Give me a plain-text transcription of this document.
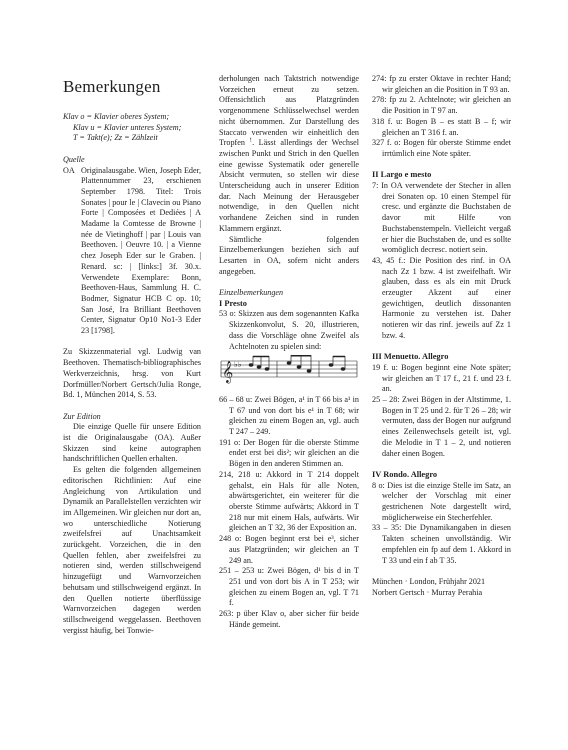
Bemerkungen

Klav o = Klavier oberes System;

Klav u = Klavier unteres System;

T = Takt(e); Zz = Zählzeit

Quelle

OA Originalausgabe. Wien, Joseph Eder, Plattennummer 23, erschienen September 1798. Titel: Trois Sonates | pour le | Clavecin ou Piano Forte | Composées et Dediées | A Madame la Comtesse de Browne | née de Vietinghoff | par | Louis van Beethoven. | Oeuvre 10. | a Vienne chez Joseph Eder sur le Graben. | Renard. sc: | [links:] 3f. 30.x. Verwendete Exemplare: Bonn, Beethoven-Haus, Sammlung H. C. Bodmer, Signatur HCB C op. 10; San José, Ira Brilliant Beethoven Center, Signatur Op10 No1-3 Eder 23 [1798].

Zu Skizzenmaterial vgl. Ludwig van Beethoven. Thematisch-bibliographisches Werkverzeichnis, hrsg. von Kurt Dorfmüller/Norbert Gertsch/Julia Ronge, Bd. 1, München 2014, S. 53.

Zur Edition

Die einzige Quelle für unsere Edition ist die Originalausgabe (OA). Außer Skizzen sind keine autographen handschriftlichen Quellen erhalten.

Es gelten die folgenden allgemeinen editorischen Richtlinien: Auf eine Angleichung von Artikulation und Dynamik an Parallelstellen verzichten wir im Allgemeinen. Wir gleichen nur dort an, wo unterschiedliche Notierung zweifelsfrei auf Unachtsamkeit zurückgeht. Vorzeichen, die in den Quellen fehlen, aber zweifelsfrei zu notieren sind, werden stillschweigend hinzugefügt und Warnvorzeichen behutsam und stillschweigend ergänzt. In den Quellen notierte überflüssige Warnvorzeichen dagegen werden stillschweigend weggelassen. Beethoven vergisst häufig, bei Tonwie-

derholungen nach Taktstrich notwendige Vorzeichen erneut zu setzen. Offensichtlich aus Platzgründen vorgenommene Schlüsselwechsel werden nicht übernommen. Zur Darstellung des Staccato verwenden wir einheitlich den Tropfen ꜝ. Lässt allerdings der Wechsel zwischen Punkt und Strich in den Quellen eine gewisse Systematik oder generelle Absicht vermuten, so stellen wir diese Unterscheidung auch in unserer Edition dar. Nach Meinung der Herausgeber notwendige, in den Quellen nicht vorhandene Zeichen sind in runden Klammern ergänzt.

Sämtliche folgenden Einzelbemerkungen beziehen sich auf Lesarten in OA, sofern nicht anders angegeben.

Einzelbemerkungen

I Presto

53 o: Skizzen aus dem sogenannten Kafka Skizzenkonvolut, S. 20, illustrieren, dass die Vorschläge ohne Zweifel als Achtelnoten zu spielen sind:

𝄞 ♭♭

66 – 68 u: Zwei Bögen, a¹ in T 66 bis a¹ in T 67 und von dort bis e¹ in T 68; wir gleichen zu einem Bogen an, vgl. auch T 247 – 249.

191 o: Der Bogen für die oberste Stimme endet erst bei dis²; wir gleichen an die Bögen in den anderen Stimmen an.

214, 218 u: Akkord in T 214 doppelt gehalst, ein Hals für alle Noten, abwärtsgerichtet, ein weiterer für die oberste Stimme aufwärts; Akkord in T 218 nur mit einem Hals, aufwärts. Wir gleichen an T 32, 36 der Exposition an.

248 o: Bogen beginnt erst bei e³, sicher aus Platzgründen; wir gleichen an T 249 an.

251 – 253 u: Zwei Bögen, d¹ bis d in T 251 und von dort bis A in T 253; wir gleichen zu einem Bogen an, vgl. T 71 f.

263: p über Klav o, aber sicher für beide Hände gemeint.

274: fp zu erster Oktave in rechter Hand; wir gleichen an die Position in T 93 an.

278: fp zu 2. Achtelnote; wir gleichen an die Position in T 97 an.

318 f. u: Bogen B – es statt B – f; wir gleichen an T 316 f. an.

327 f. o: Bogen für oberste Stimme endet irrtümlich eine Note später.

II Largo e mesto

7: In OA verwendete der Stecher in allen drei Sonaten op. 10 einen Stempel für cresc. und ergänzte die Buchstaben de davor mit Hilfe von Buchstabenstempeln. Vielleicht vergaß er hier die Buchstaben de, und es sollte womöglich decresc. notiert sein.

43, 45 f.: Die Position des rinf. in OA nach Zz 1 bzw. 4 ist zweifelhaft. Wir glauben, dass es als ein mit Druck erzeugter Akzent auf einer gewichtigen, deutlich dissonanten Harmonie zu verstehen ist. Daher notieren wir das rinf. jeweils auf Zz 1 bzw. 4.

III Menuetto. Allegro

19 f. u: Bogen beginnt eine Note später; wir gleichen an T 17 f., 21 f. und 23 f. an.

25 – 28: Zwei Bögen in der Altstimme, 1. Bogen in T 25 und 2. für T 26 – 28; wir vermuten, dass der Bogen nur aufgrund eines Zeilenwechsels geteilt ist, vgl. die Melodie in T 1 – 2, und notieren daher einen Bogen.

IV Rondo. Allegro

8 o: Dies ist die einzige Stelle im Satz, an welcher der Vorschlag mit einer gestrichenen Note dargestellt wird, möglicherweise ein Stecherfehler.

33 – 35: Die Dynamikangaben in diesen Takten scheinen unvollständig. Wir empfehlen ein fp auf dem 1. Akkord in T 33 und ein f ab T 35.

München · London, Frühjahr 2021

Norbert Gertsch · Murray Perahia
